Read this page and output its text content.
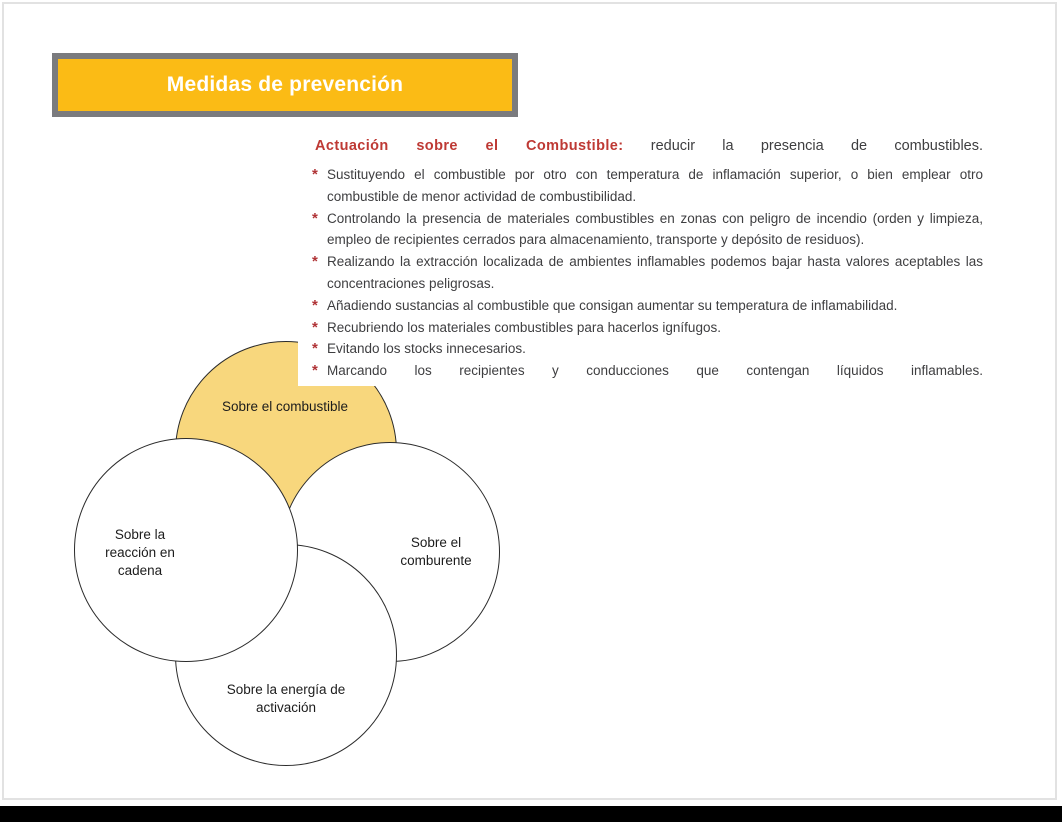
Medidas de prevención
Sobre el combustible
Sobre la
reacción en
cadena
Sobre el
comburente
Sobre la energía de
activación

Actuación sobre el Combustible: reducir la presencia de combustibles.

* Sustituyendo el combustible por otro con temperatura de inflamación superior, o bien emplear otro combustible de menor actividad de combustibilidad.
* Controlando la presencia de materiales combustibles en zonas con peligro de incendio (orden y limpieza, empleo de recipientes cerrados para almacenamiento, transporte y depósito de residuos).
* Realizando la extracción localizada de ambientes inflamables podemos bajar hasta valores aceptables las concentraciones peligrosas.
* Añadiendo sustancias al combustible que consigan aumentar su temperatura de inflamabilidad.
* Recubriendo los materiales combustibles para hacerlos ignífugos.
* Evitando los stocks innecesarios.
* Marcando los recipientes y conducciones que contengan líquidos inflamables.
